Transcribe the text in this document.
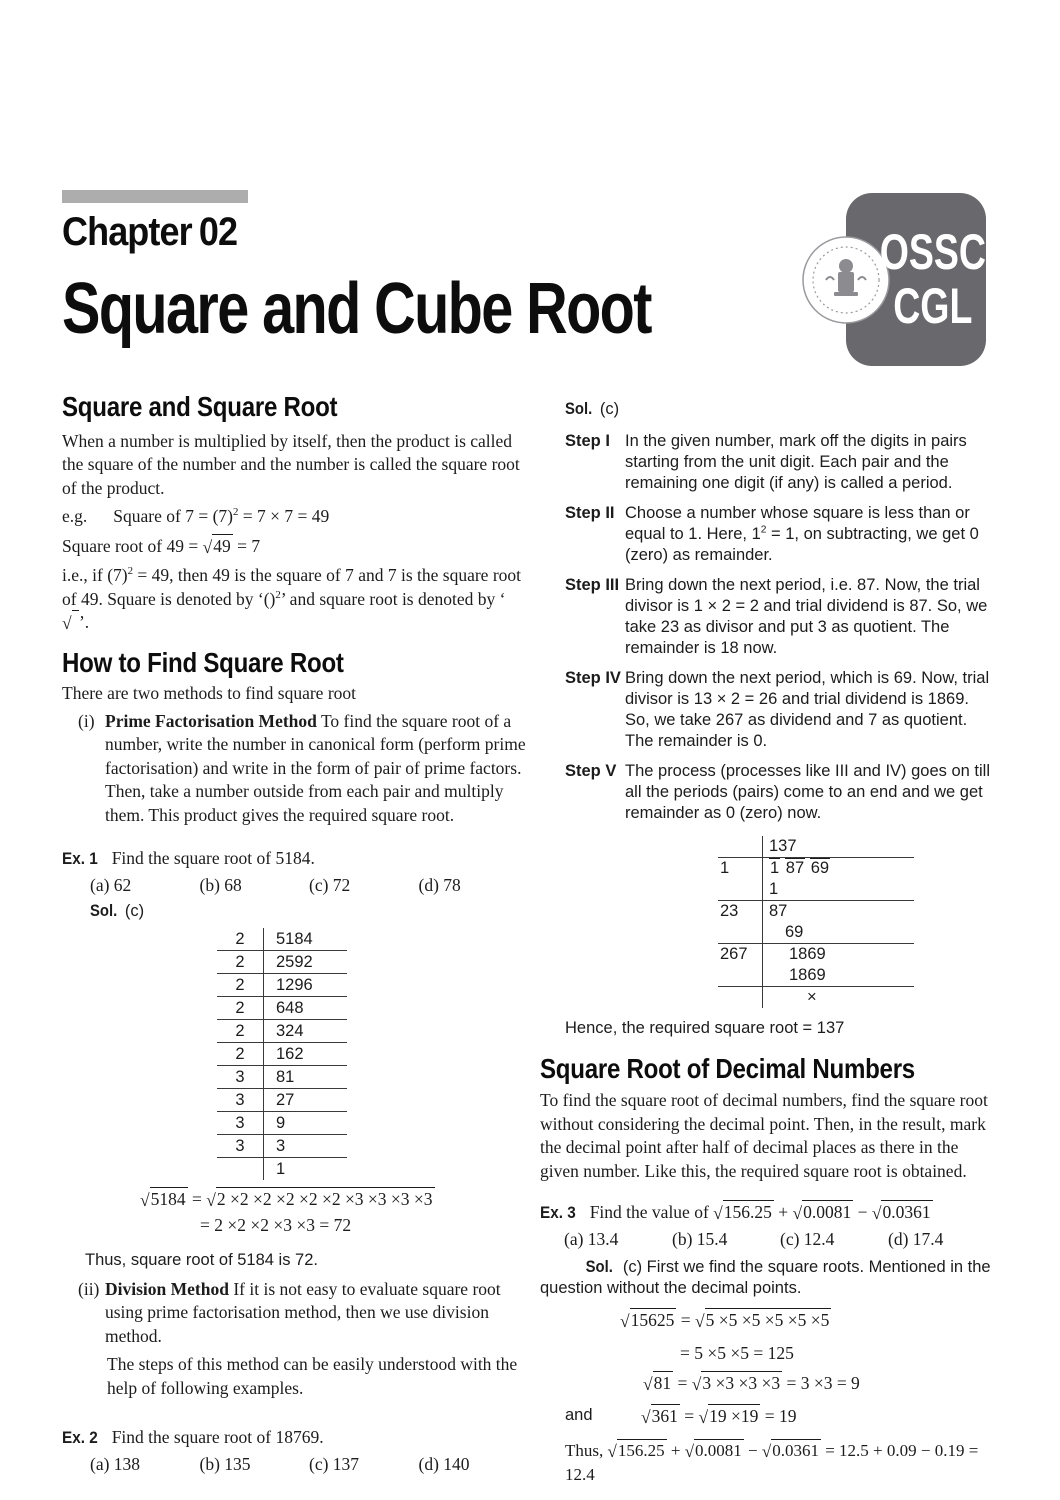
Chapter 02
Square and Cube Root
OSSC
CGL
Square and Square Root

When a number is multiplied by itself, then the product is called the square of the number and the number is called the square root of the product.

e.g. Square of $7 = (7)^2 = 7 \times 7 = 49$
Square root of 49 = √49 = 7

i.e., if $(7)^2 = 49$, then 49 is the square of 7 and 7 is the square root of 49. Square is denoted by ‘()$^2$’ and square root is denoted by ‘√ ’.

How to Find Square Root

There are two methods to find square root

(i) Prime Factorisation Method To find the square root of a number, write the number in canonical form (perform prime factorisation) and write in the form of pair of prime factors. Then, take a number outside from each pair and multiply them. This product gives the required square root.
Ex. 1 Find the square root of 5184.
(a) 62	(b) 68	(c) 72	(d) 78
Sol. (c)
2	5184
2	2592
2	1296
2	648
2	324
2	162
3	81
3	27
3	9
3	3
1
√5184 = √2 ×2 ×2 ×2 ×2 ×2 ×3 ×3 ×3 ×3
= 2 ×2 ×2 ×3 ×3 = 72

Thus, square root of 5184 is 72.

(ii) Division Method If it is not easy to evaluate square root using prime factorisation method, then we use division method.

The steps of this method can be easily understood with the help of following examples.

Ex. 2 Find the square root of 18769.
(a) 138	(b) 135	(c) 137	(d) 140
Sol. (c)
Step I In the given number, mark off the digits in pairs starting from the unit digit. Each pair and the remaining one digit (if any) is called a period.
Step II Choose a number whose square is less than or equal to 1. Here, $1^2 = 1$, on subtracting, we get 0 (zero) as remainder.
Step III Bring down the next period, i.e. 87. Now, the trial divisor is 1 × 2 = 2 and trial dividend is 87. So, we take 23 as divisor and put 3 as quotient. The remainder is 18 now.
Step IV Bring down the next period, which is 69. Now, trial divisor is 13 × 2 = 26 and trial dividend is 1869. So, we take 267 as dividend and 7 as quotient. The remainder is 0.
Step V The process (processes like III and IV) goes on till all the periods (pairs) come to an end and we get remainder as 0 (zero) now.
137
1	1 87 69
1
23	87
69
267	1869
1869
×

Hence, the required square root = 137

Square Root of Decimal Numbers

To find the square root of decimal numbers, find the square root without considering the decimal point. Then, in the result, mark the decimal point after half of decimal places as there in the given number. Like this, the required square root is obtained.

Ex. 3 Find the value of √156.25 + √0.0081 − √0.0361
(a) 13.4	(b) 15.4	(c) 12.4	(d) 17.4

Sol. (c) First we find the square roots. Mentioned in the question without the decimal points.

√15625 = √5 ×5 ×5 ×5 ×5 ×5
= 5 ×5 ×5 = 125
√81 = √3 ×3 ×3 ×3 = 3 ×3 = 9
and	√361 = √19 ×19 = 19
Thus, √156.25 + √0.0081 − √0.0361 = 12.5 + 0.09 − 0.19 = 12.4
